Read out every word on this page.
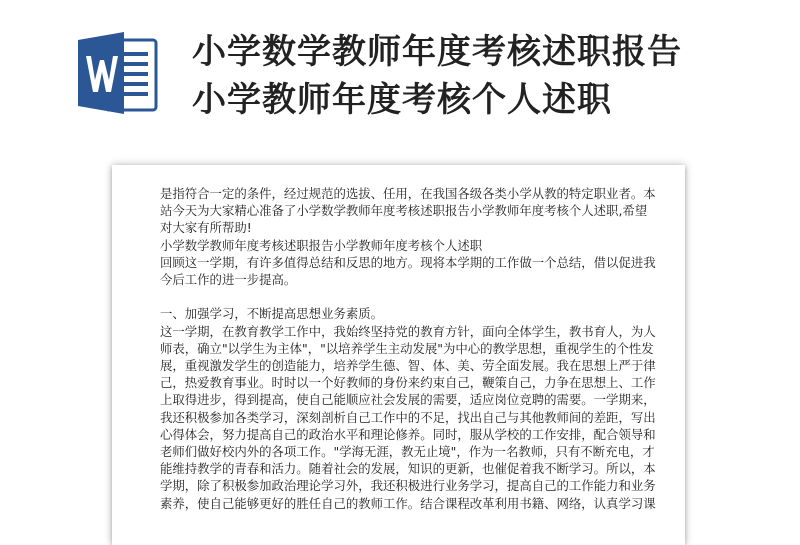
小学数学教师年度考核述职报告
小学教师年度考核个人述职

是指符合一定的条件，经过规范的选拔、任用，在我国各级各类小学从教的特定职业者。本

站今天为大家精心准备了小学数学教师年度考核述职报告小学教师年度考核个人述职,希望

对大家有所帮助!

小学数学教师年度考核述职报告小学教师年度考核个人述职

回顾这一学期，有许多值得总结和反思的地方。现将本学期的工作做一个总结，借以促进我

今后工作的进一步提高。

一、加强学习，不断提高思想业务素质。

这一学期，在教育教学工作中，我始终坚持党的教育方针，面向全体学生，教书育人，为人

师表，确立"以学生为主体"，"以培养学生主动发展"为中心的教学思想，重视学生的个性发

展，重视激发学生的创造能力，培养学生德、智、体、美、劳全面发展。我在思想上严于律

己，热爱教育事业。时时以一个好教师的身份来约束自己，鞭策自己，力争在思想上、工作

上取得进步，得到提高，使自己能顺应社会发展的需要，适应岗位竞聘的需要。一学期来，

我还积极参加各类学习，深刻剖析自己工作中的不足，找出自己与其他教师间的差距，写出

心得体会，努力提高自己的政治水平和理论修养。同时，服从学校的工作安排，配合领导和

老师们做好校内外的各项工作。"学海无涯，教无止境"，作为一名教师，只有不断充电，才

能维持教学的青春和活力。随着社会的发展，知识的更新，也催促着我不断学习。所以，本

学期，除了积极参加政治理论学习外，我还积极进行业务学习，提高自己的工作能力和业务

素养，使自己能够更好的胜任自己的教师工作。结合课程改革利用书籍、网络，认真学习课
